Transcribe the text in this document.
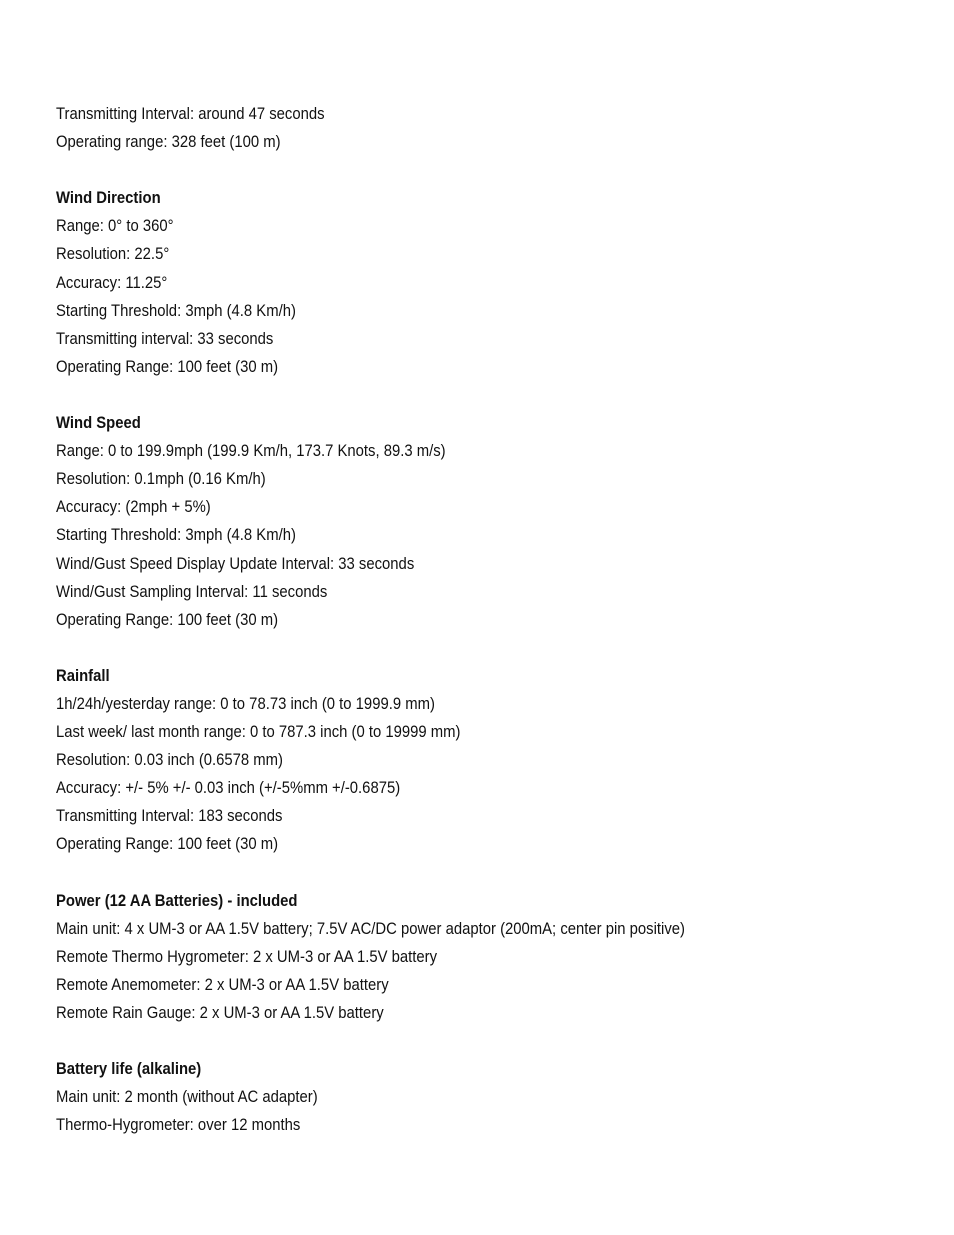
Transmitting Interval: around 47 seconds
Operating range: 328 feet (100 m)
Wind Direction
Range: 0° to 360°
Resolution: 22.5°
Accuracy: 11.25°
Starting Threshold: 3mph (4.8 Km/h)
Transmitting interval: 33 seconds
Operating Range: 100 feet (30 m)
Wind Speed
Range: 0 to 199.9mph (199.9 Km/h, 173.7 Knots, 89.3 m/s)
Resolution: 0.1mph (0.16 Km/h)
Accuracy: (2mph + 5%)
Starting Threshold: 3mph (4.8 Km/h)
Wind/Gust Speed Display Update Interval: 33 seconds
Wind/Gust Sampling Interval: 11 seconds
Operating Range: 100 feet (30 m)
Rainfall
1h/24h/yesterday range: 0 to 78.73 inch (0 to 1999.9 mm)
Last week/ last month range: 0 to 787.3 inch (0 to 19999 mm)
Resolution: 0.03 inch (0.6578 mm)
Accuracy: +/- 5% +/- 0.03 inch (+/-5%mm +/-0.6875)
Transmitting Interval: 183 seconds
Operating Range: 100 feet (30 m)
Power (12 AA Batteries) - included
Main unit: 4 x UM-3 or AA 1.5V battery; 7.5V AC/DC power adaptor (200mA; center pin positive)
Remote Thermo Hygrometer: 2 x UM-3 or AA 1.5V battery
Remote Anemometer: 2 x UM-3 or AA 1.5V battery
Remote Rain Gauge: 2 x UM-3 or AA 1.5V battery
Battery life (alkaline)
Main unit: 2 month (without AC adapter)
Thermo-Hygrometer: over 12 months
